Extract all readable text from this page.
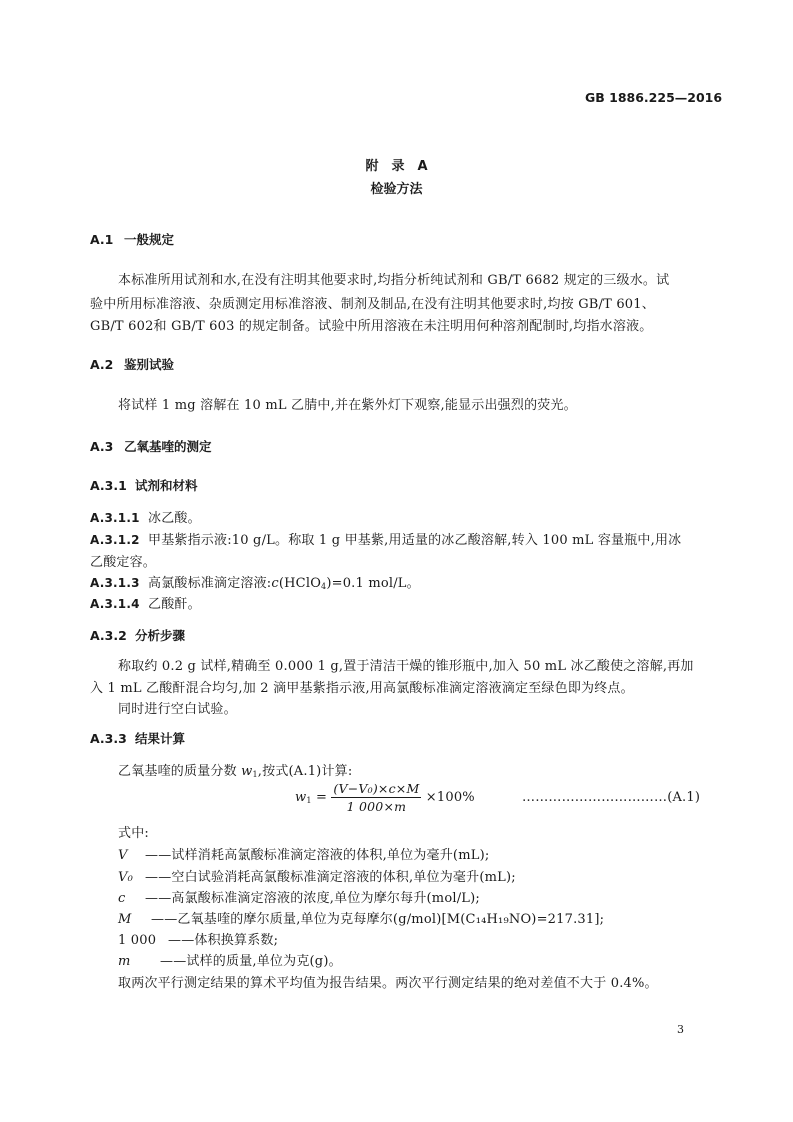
GB 1886.225—2016
附　录　A
检验方法
A.1 一般规定
本标准所用试剂和水,在没有注明其他要求时,均指分析纯试剂和 GB/T 6682 规定的三级水。试
验中所用标准溶液、杂质测定用标准溶液、制剂及制品,在没有注明其他要求时,均按 GB/T 601、
GB/T 602和 GB/T 603 的规定制备。试验中所用溶液在未注明用何种溶剂配制时,均指水溶液。
A.2 鉴别试验
将试样 1 mg 溶解在 10 mL 乙腈中,并在紫外灯下观察,能显示出强烈的荧光。
A.3 乙氧基喹的测定
A.3.1 试剂和材料
A.3.1.1 冰乙酸。
A.3.1.2 甲基紫指示液:10 g/L。称取 1 g 甲基紫,用适量的冰乙酸溶解,转入 100 mL 容量瓶中,用冰
乙酸定容。
A.3.1.3 高氯酸标准滴定溶液:c(HClO$_4$)=0.1 mol/L。
A.3.1.4 乙酸酐。
A.3.2 分析步骤
称取约 0.2 g 试样,精确至 0.000 1 g,置于清洁干燥的锥形瓶中,加入 50 mL 冰乙酸使之溶解,再加
入 1 mL 乙酸酐混合均匀,加 2 滴甲基紫指示液,用高氯酸标准滴定溶液滴定至绿色即为终点。
同时进行空白试验。
A.3.3 结果计算
乙氧基喹的质量分数 $w_1$,按式(A.1)计算:
$w_1 = \frac{\text{(V−V₀)×c×M}}{1 000\times m} \times 100\%$	……………………………(A.1)
式中:
V ——试样消耗高氯酸标准滴定溶液的体积,单位为毫升(mL);
V₀ ——空白试验消耗高氯酸标准滴定溶液的体积,单位为毫升(mL);
c ——高氯酸标准滴定溶液的浓度,单位为摩尔每升(mol/L);
M ——乙氧基喹的摩尔质量,单位为克每摩尔(g/mol)[M(C₁₄H₁₉NO)=217.31];
1 000 ——体积换算系数;
m ——试样的质量,单位为克(g)。
取两次平行测定结果的算术平均值为报告结果。两次平行测定结果的绝对差值不大于 0.4%。
3
